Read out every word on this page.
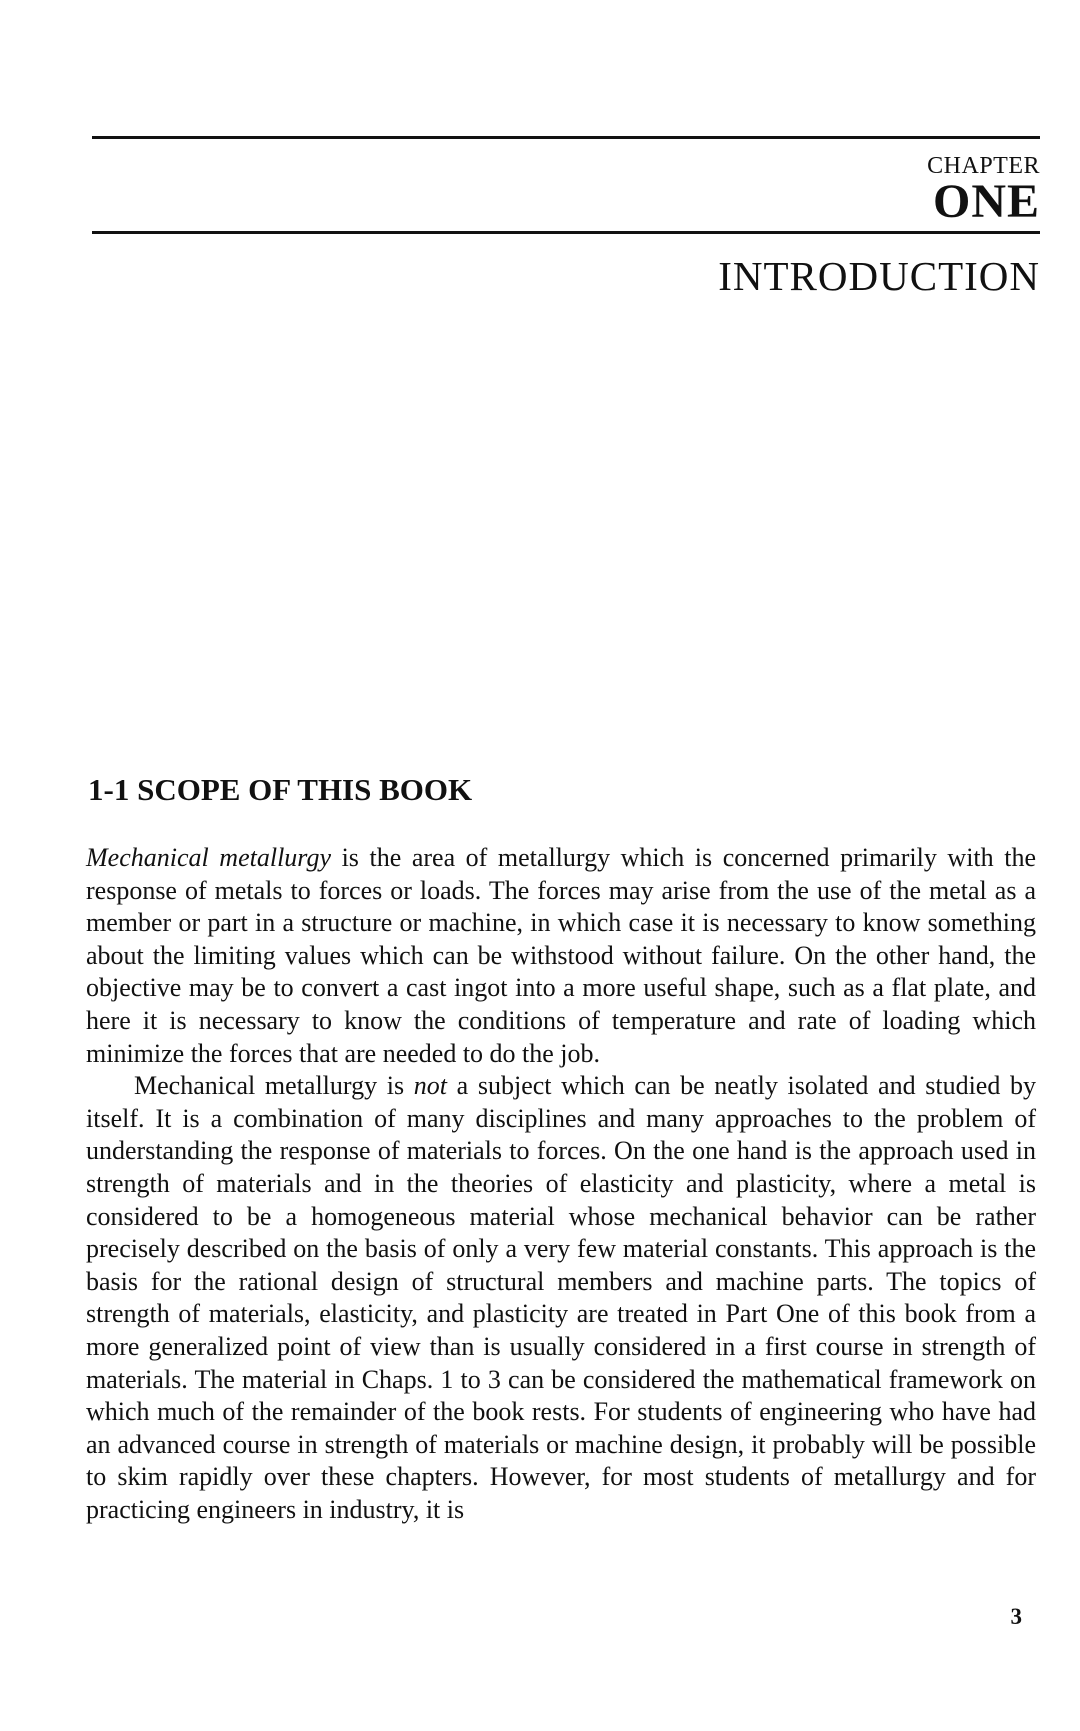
CHAPTER
ONE
INTRODUCTION
1-1 SCOPE OF THIS BOOK

Mechanical metallurgy is the area of metallurgy which is concerned primarily with the response of metals to forces or loads. The forces may arise from the use of the metal as a member or part in a structure or machine, in which case it is necessary to know something about the limiting values which can be withstood without failure. On the other hand, the objective may be to convert a cast ingot into a more useful shape, such as a flat plate, and here it is necessary to know the conditions of temperature and rate of loading which minimize the forces that are needed to do the job.

Mechanical metallurgy is not a subject which can be neatly isolated and studied by itself. It is a combination of many disciplines and many approaches to the problem of understanding the response of materials to forces. On the one hand is the approach used in strength of materials and in the theories of elasticity and plasticity, where a metal is considered to be a homogeneous material whose mechanical behavior can be rather precisely described on the basis of only a very few material constants. This approach is the basis for the rational design of structural members and machine parts. The topics of strength of materials, elasticity, and plasticity are treated in Part One of this book from a more generalized point of view than is usually considered in a first course in strength of materials. The material in Chaps. 1 to 3 can be considered the mathematical framework on which much of the remainder of the book rests. For students of engineering who have had an advanced course in strength of materials or machine design, it probably will be possible to skim rapidly over these chapters. However, for most students of metallurgy and for practicing engineers in industry, it is

3
